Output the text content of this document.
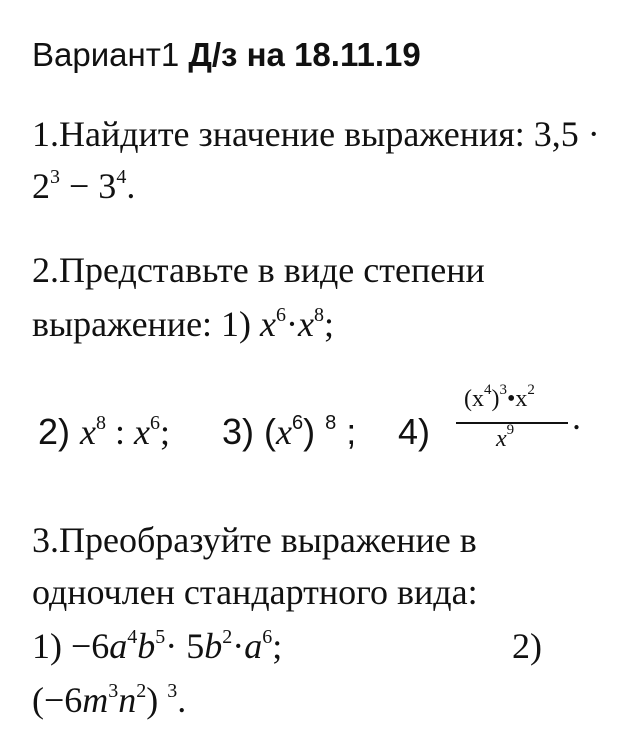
Вариант1 Д/з на 18.11.19
1.Найдите значение выражения: 3,5 ·
$2^3 - 3^4$.
2.Представьте в виде степени
выражение: 1) $x^6\cdot x^8$;
2) $x^8$ : $x^6$; 3) $(x^6)$ $^8$ ; 4)
$(x^4)^3•x^2$
$x^9$ .
3.Преобразуйте выражение в
одночлен стандартного вида:
$1) -6a^4b^5\cdot 5b^2\cdot a^6$;	2)
$(-6m^3n^2)$ $^3$.
